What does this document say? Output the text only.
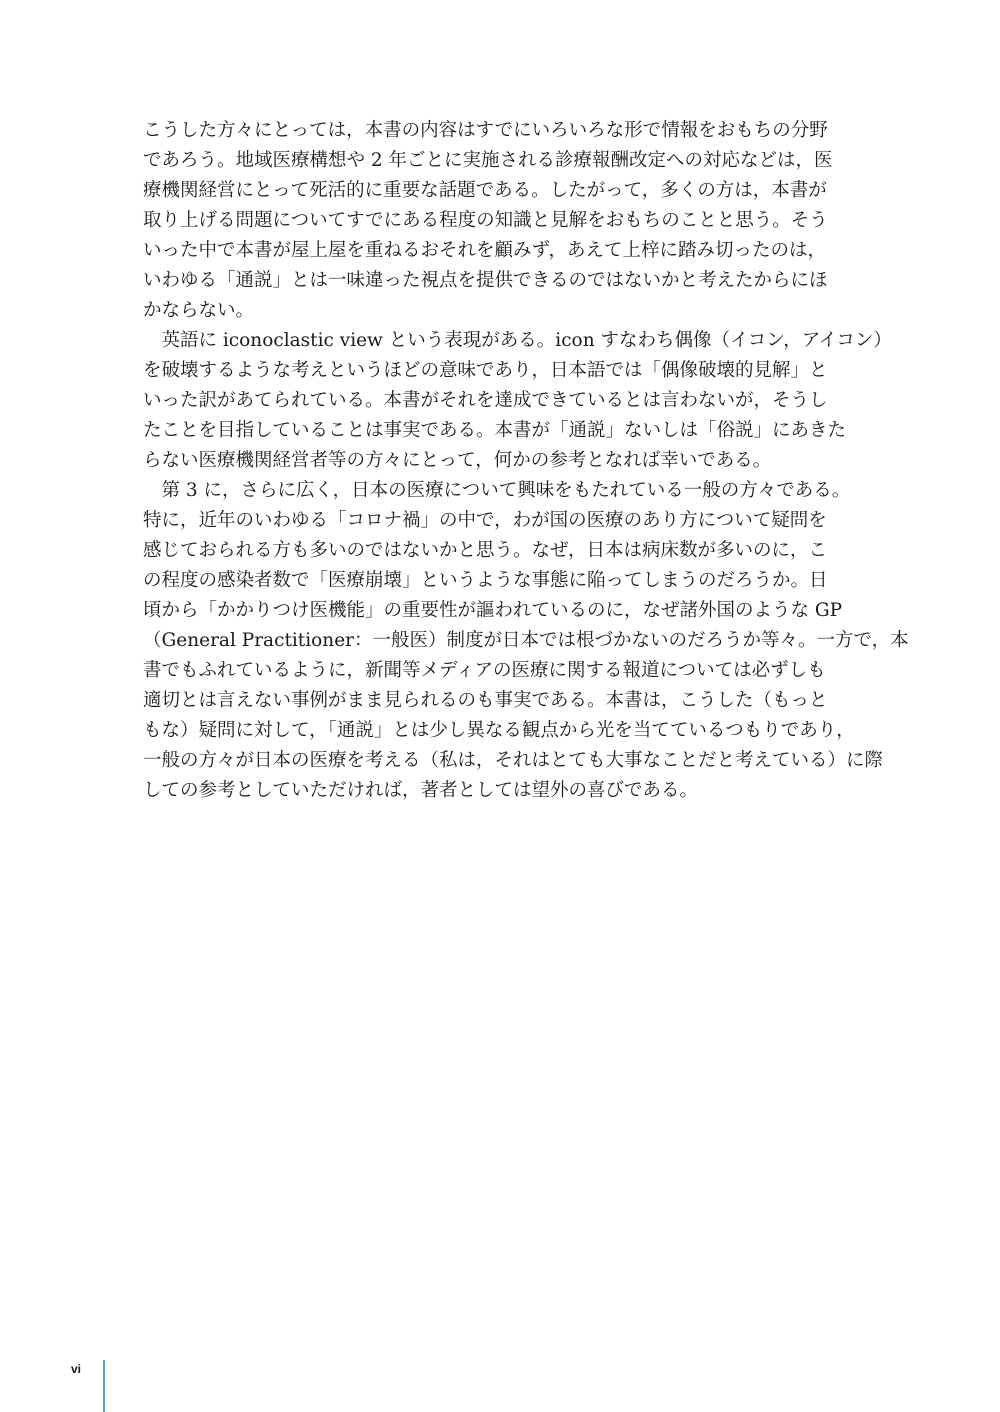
こうした方々にとっては，本書の内容はすでにいろいろな形で情報をおもちの分野
であろう。地域医療構想や 2 年ごとに実施される診療報酬改定への対応などは，医
療機関経営にとって死活的に重要な話題である。したがって，多くの方は，本書が
取り上げる問題についてすでにある程度の知識と見解をおもちのことと思う。そう
いった中で本書が屋上屋を重ねるおそれを顧みず，あえて上梓に踏み切ったのは，
いわゆる「通説」とは一味違った視点を提供できるのではないかと考えたからにほ
かならない。
　英語に iconoclastic view という表現がある。icon すなわち偶像（イコン，アイコン）
を破壊するような考えというほどの意味であり，日本語では「偶像破壊的見解」と
いった訳があてられている。本書がそれを達成できているとは言わないが，そうし
たことを目指していることは事実である。本書が「通説」ないしは「俗説」にあきた
らない医療機関経営者等の方々にとって，何かの参考となれば幸いである。
　第 3 に，さらに広く，日本の医療について興味をもたれている一般の方々である。
特に，近年のいわゆる「コロナ禍」の中で，わが国の医療のあり方について疑問を
感じておられる方も多いのではないかと思う。なぜ，日本は病床数が多いのに，こ
の程度の感染者数で「医療崩壊」というような事態に陥ってしまうのだろうか。日
頃から「かかりつけ医機能」の重要性が謳われているのに，なぜ諸外国のような GP
（General Practitioner：一般医）制度が日本では根づかないのだろうか等々。一方で，本
書でもふれているように，新聞等メディアの医療に関する報道については必ずしも
適切とは言えない事例がまま見られるのも事実である。本書は，こうした（もっと
もな）疑問に対して，「通説」とは少し異なる観点から光を当てているつもりであり，
一般の方々が日本の医療を考える（私は，それはとても大事なことだと考えている）に際
しての参考としていただければ，著者としては望外の喜びである。
vi
